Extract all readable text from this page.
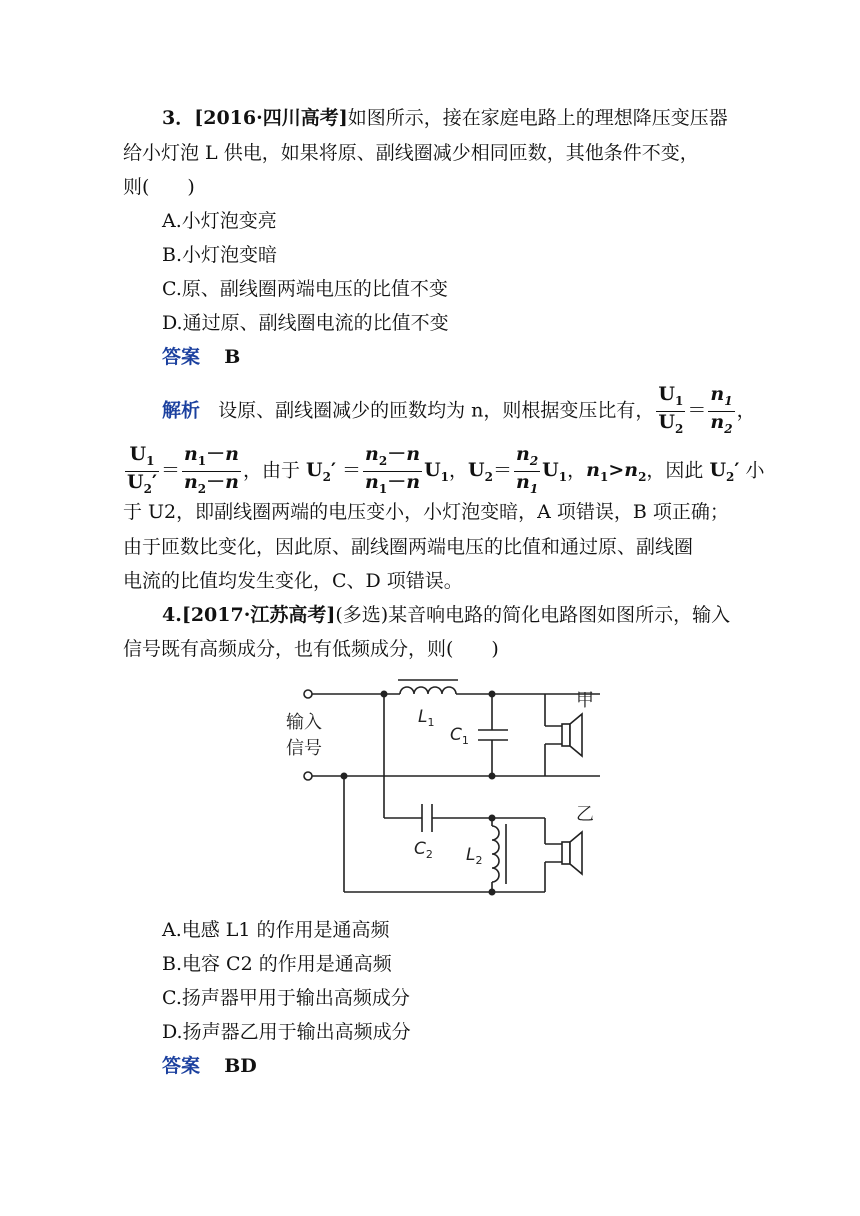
3．[2016·四川高考]如图所示，接在家庭电路上的理想降压变压器
给小灯泡 L 供电，如果将原、副线圈减少相同匝数，其他条件不变，
则(　　)
A.小灯泡变亮
B.小灯泡变暗
C.原、副线圈两端电压的比值不变
D.通过原、副线圈电流的比值不变
答案 B
解析 设原、副线圈减少的匝数均为 n，则根据变压比有， $\frac{U_1}{U_2} = \frac{n_1}{n_2}$ ，
$\frac{U_1}{U_2'} = \frac{n_1-n}{n_2-n}$ ，由于 $U_2' = \frac{n_2-n}{n_1-n} U_1$，$U_2= \frac{n_2}{n_1} U_1$，$n_1>n_2$，因此 $U_2'$ 小
于 U2，即副线圈两端的电压变小，小灯泡变暗，A 项错误，B 项正确；
由于匝数比变化，因此原、副线圈两端电压的比值和通过原、副线圈
电流的比值均发生变化，C、D 项错误。
4.[2017·江苏高考](多选)某音响电路的简化电路图如图所示，输入
信号既有高频成分，也有低频成分，则(　　)
输入
信号
甲
乙
$L_1$
$C_1$
$C_2$ $L_2$
A.电感 L1 的作用是通高频
B.电容 C2 的作用是通高频
C.扬声器甲用于输出高频成分
D.扬声器乙用于输出高频成分
答案 BD
